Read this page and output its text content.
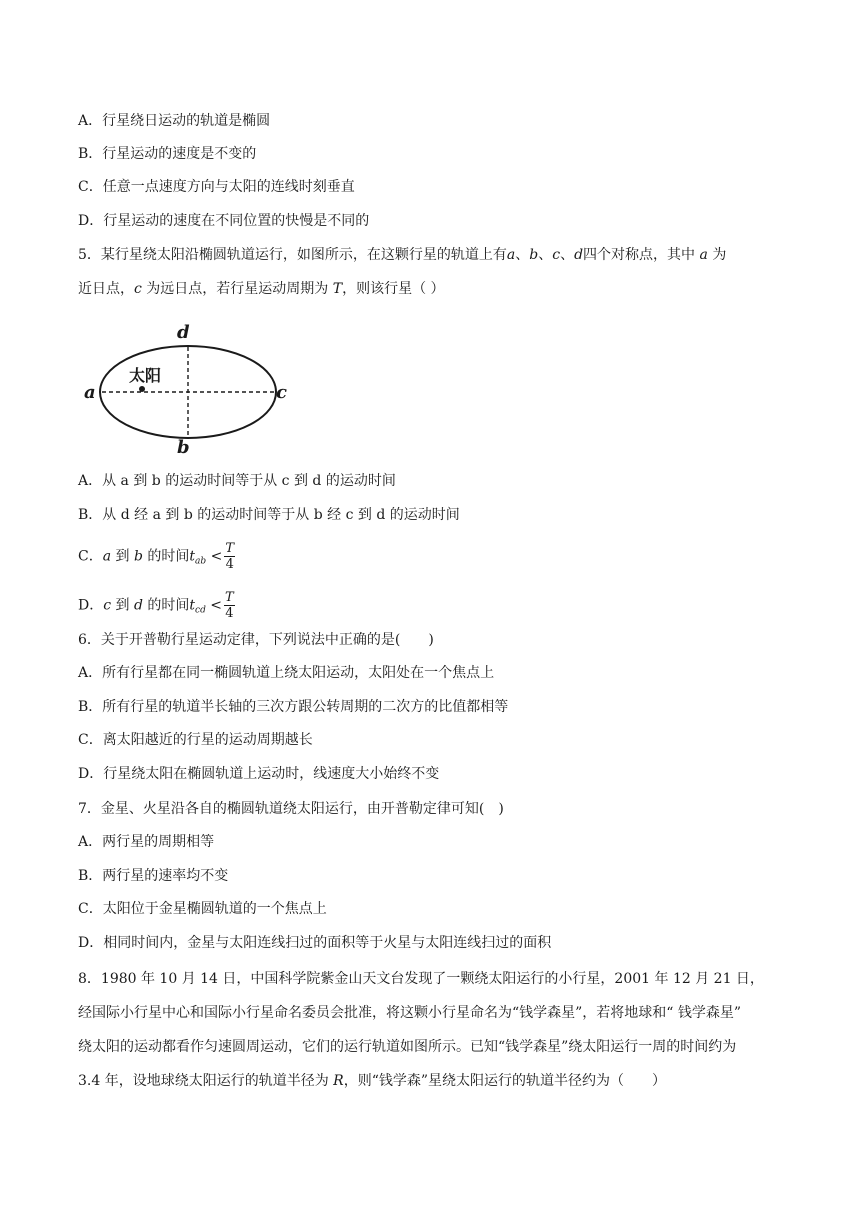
A．行星绕日运动的轨道是椭圆
B．行星运动的速度是不变的
C．任意一点速度方向与太阳的连线时刻垂直
D．行星运动的速度在不同位置的快慢是不同的
5．某行星绕太阳沿椭圆轨道运行，如图所示，在这颗行星的轨道上有a、b、c、d四个对称点，其中 a 为
近日点，c 为远日点，若行星运动周期为 T，则该行星（ ）
太阳
a	c
d
b
A．从 a 到 b 的运动时间等于从 c 到 d 的运动时间
B．从 d 经 a 到 b 的运动时间等于从 b 经 c 到 d 的运动时间
C．a 到 b 的时间$t_{ab} < \frac{T}{4}$
D．c 到 d 的时间$t_{cd} < \frac{T}{4}$
6．关于开普勒行星运动定律，下列说法中正确的是(　　)
A．所有行星都在同一椭圆轨道上绕太阳运动，太阳处在一个焦点上
B．所有行星的轨道半长轴的三次方跟公转周期的二次方的比值都相等
C．离太阳越近的行星的运动周期越长
D．行星绕太阳在椭圆轨道上运动时，线速度大小始终不变
7．金星、火星沿各自的椭圆轨道绕太阳运行，由开普勒定律可知(　)
A．两行星的周期相等
B．两行星的速率均不变
C．太阳位于金星椭圆轨道的一个焦点上
D．相同时间内，金星与太阳连线扫过的面积等于火星与太阳连线扫过的面积
8．1980 年 10 月 14 日，中国科学院紫金山天文台发现了一颗绕太阳运行的小行星，2001 年 12 月 21 日，
经国际小行星中心和国际小行星命名委员会批准，将这颗小行星命名为“钱学森星”，若将地球和“ 钱学森星”
绕太阳的运动都看作匀速圆周运动，它们的运行轨道如图所示。已知“钱学森星”绕太阳运行一周的时间约为
3.4 年，设地球绕太阳运行的轨道半径为 R，则“钱学森”星绕太阳运行的轨道半径约为（　　）
